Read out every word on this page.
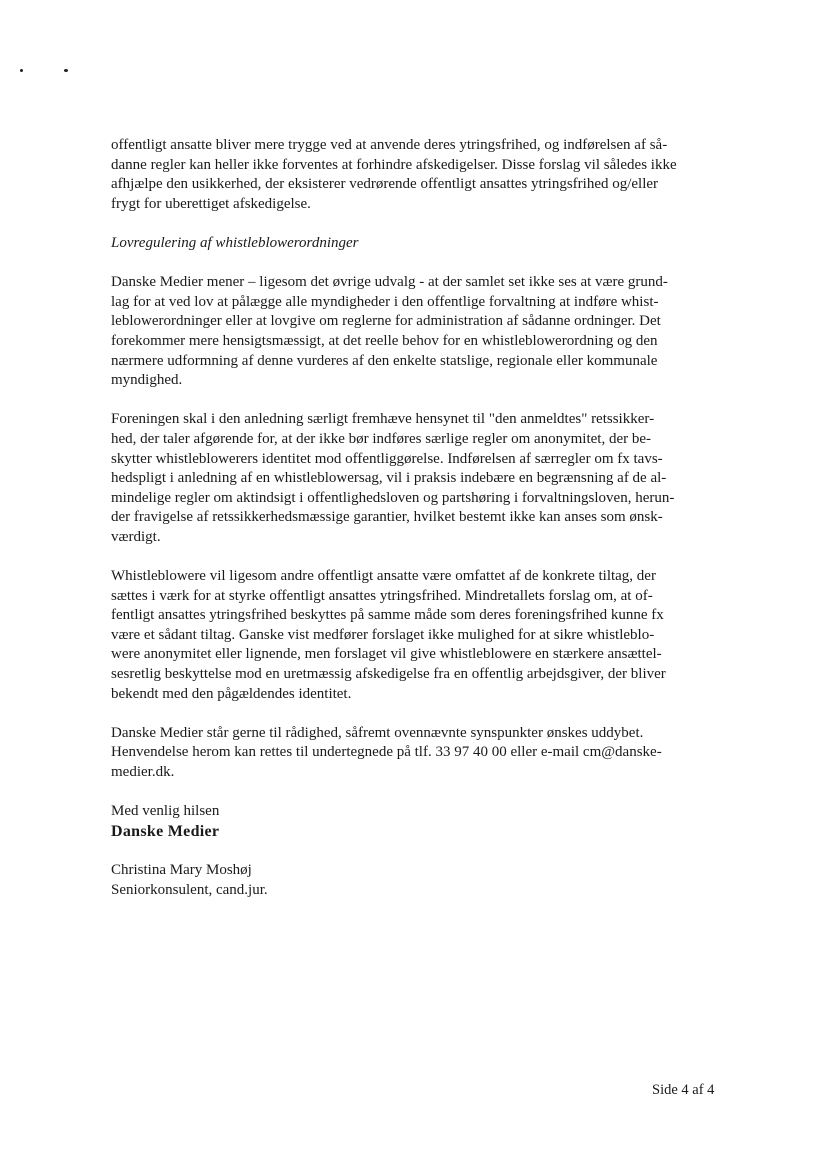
offentligt ansatte bliver mere trygge ved at anvende deres ytringsfrihed, og indførelsen af så-
danne regler kan heller ikke forventes at forhindre afskedigelser. Disse forslag vil således ikke
afhjælpe den usikkerhed, der eksisterer vedrørende offentligt ansattes ytringsfrihed og/eller
frygt for uberettiget afskedigelse.

Lovregulering af whistleblowerordninger

Danske Medier mener – ligesom det øvrige udvalg - at der samlet set ikke ses at være grund-
lag for at ved lov at pålægge alle myndigheder i den offentlige forvaltning at indføre whist-
leblowerordninger eller at lovgive om reglerne for administration af sådanne ordninger. Det
forekommer mere hensigtsmæssigt, at det reelle behov for en whistleblowerordning og den
nærmere udformning af denne vurderes af den enkelte statslige, regionale eller kommunale
myndighed.

Foreningen skal i den anledning særligt fremhæve hensynet til "den anmeldtes" retssikker-
hed, der taler afgørende for, at der ikke bør indføres særlige regler om anonymitet, der be-
skytter whistleblowerers identitet mod offentliggørelse. Indførelsen af særregler om fx tavs-
hedspligt i anledning af en whistleblowersag, vil i praksis indebære en begrænsning af de al-
mindelige regler om aktindsigt i offentlighedsloven og partshøring i forvaltningsloven, herun-
der fravigelse af retssikkerhedsmæssige garantier, hvilket bestemt ikke kan anses som ønsk-
værdigt.

Whistleblowere vil ligesom andre offentligt ansatte være omfattet af de konkrete tiltag, der
sættes i værk for at styrke offentligt ansattes ytringsfrihed. Mindretallets forslag om, at of-
fentligt ansattes ytringsfrihed beskyttes på samme måde som deres foreningsfrihed kunne fx
være et sådant tiltag. Ganske vist medfører forslaget ikke mulighed for at sikre whistleblo-
were anonymitet eller lignende, men forslaget vil give whistleblowere en stærkere ansættel-
sesretlig beskyttelse mod en uretmæssig afskedigelse fra en offentlig arbejdsgiver, der bliver
bekendt med den pågældendes identitet.

Danske Medier står gerne til rådighed, såfremt ovennævnte synspunkter ønskes uddybet.
Henvendelse herom kan rettes til undertegnede på tlf. 33 97 40 00 eller e-mail cm@danske-
medier.dk.

Med venlig hilsen

Danske Medier

Christina Mary Moshøj

Seniorkonsulent, cand.jur.

Side 4 af 4
